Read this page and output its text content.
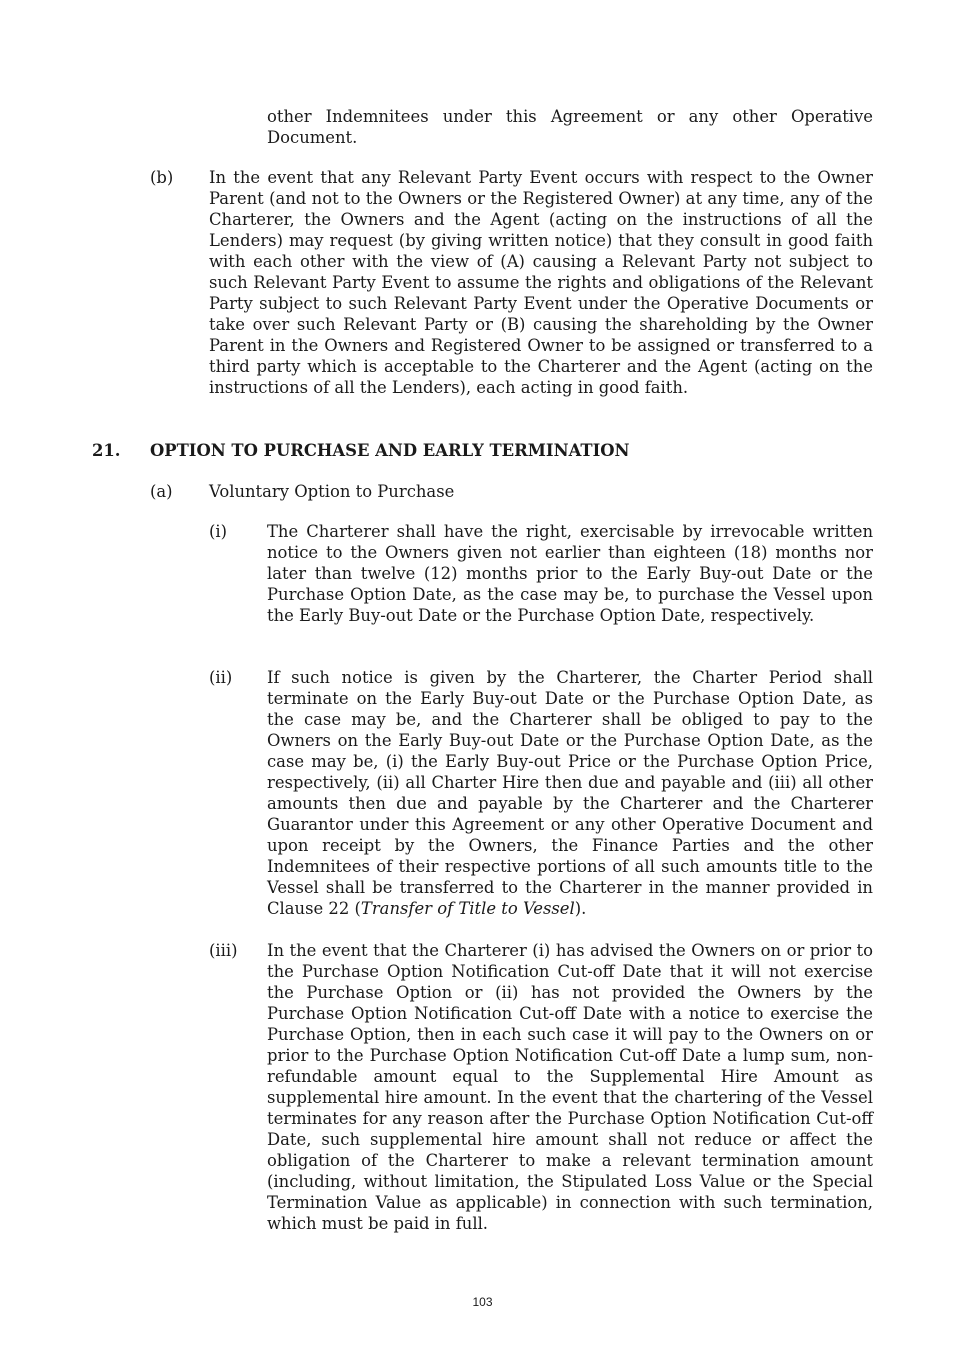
other Indemnitees under this Agreement or any other Operative Document.

(b) In the event that any Relevant Party Event occurs with respect to the Owner Parent (and not to the Owners or the Registered Owner) at any time, any of the Charterer, the Owners and the Agent (acting on the instructions of all the Lenders) may request (by giving written notice) that they consult in good faith with each other with the view of (A) causing a Relevant Party not subject to such Relevant Party Event to assume the rights and obligations of the Relevant Party subject to such Relevant Party Event under the Operative Documents or take over such Relevant Party or (B) causing the shareholding by the Owner Parent in the Owners and Registered Owner to be assigned or transferred to a third party which is acceptable to the Charterer and the Agent (acting on the instructions of all the Lenders), each acting in good faith.

21. OPTION TO PURCHASE AND EARLY TERMINATION

(a) Voluntary Option to Purchase

(i) The Charterer shall have the right, exercisable by irrevocable written notice to the Owners given not earlier than eighteen (18) months nor later than twelve (12) months prior to the Early Buy-out Date or the Purchase Option Date, as the case may be, to purchase the Vessel upon the Early Buy-out Date or the Purchase Option Date, respectively.

(ii) If such notice is given by the Charterer, the Charter Period shall terminate on the Early Buy-out Date or the Purchase Option Date, as the case may be, and the Charterer shall be obliged to pay to the Owners on the Early Buy-out Date or the Purchase Option Date, as the case may be, (i) the Early Buy-out Price or the Purchase Option Price, respectively, (ii) all Charter Hire then due and payable and (iii) all other amounts then due and payable by the Charterer and the Charterer Guarantor under this Agreement or any other Operative Document and upon receipt by the Owners, the Finance Parties and the other Indemnitees of their respective portions of all such amounts title to the Vessel shall be transferred to the Charterer in the manner provided in Clause 22 (Transfer of Title to Vessel).

(iii) In the event that the Charterer (i) has advised the Owners on or prior to the Purchase Option Notification Cut-off Date that it will not exercise the Purchase Option or (ii) has not provided the Owners by the Purchase Option Notification Cut-off Date with a notice to exercise the Purchase Option, then in each such case it will pay to the Owners on or prior to the Purchase Option Notification Cut-off Date a lump sum, non-refundable amount equal to the Supplemental Hire Amount as supplemental hire amount. In the event that the chartering of the Vessel terminates for any reason after the Purchase Option Notification Cut-off Date, such supplemental hire amount shall not reduce or affect the obligation of the Charterer to make a relevant termination amount (including, without limitation, the Stipulated Loss Value or the Special Termination Value as applicable) in connection with such termination, which must be paid in full.

103
